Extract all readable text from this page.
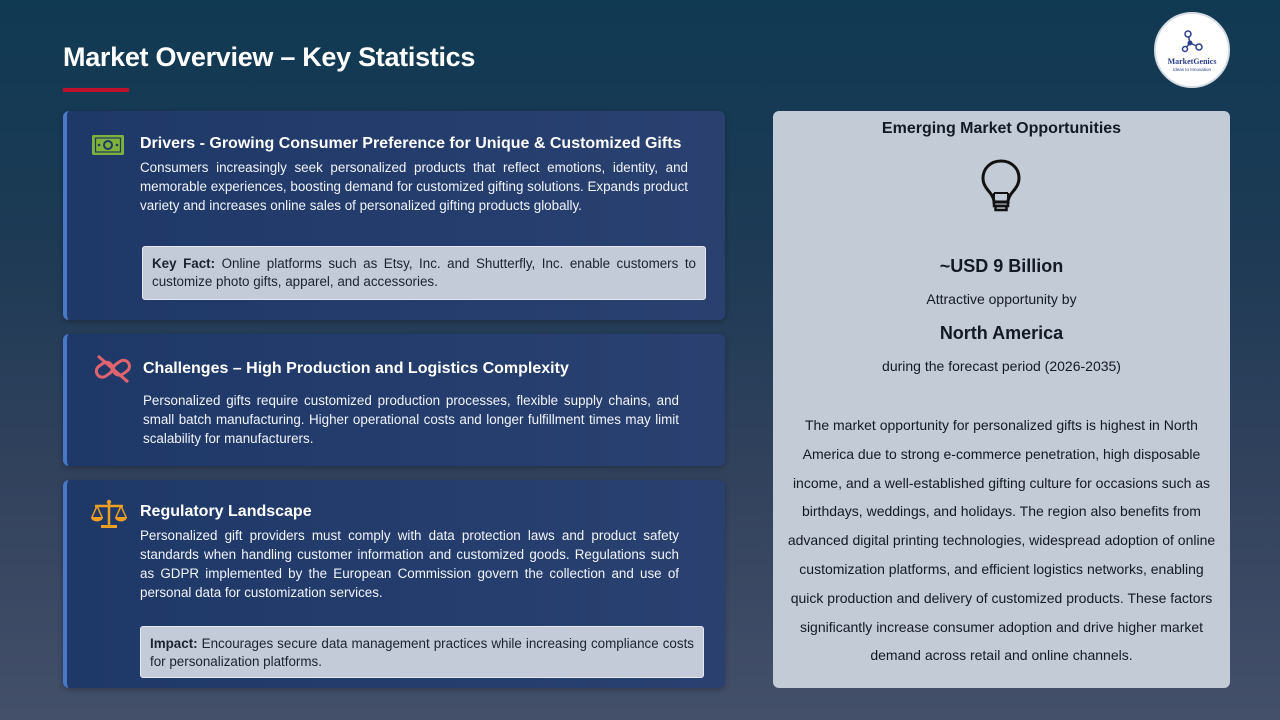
Market Overview – Key Statistics	MarketGenics
Ideas to Innovation
Drivers - Growing Consumer Preference for Unique & Customized Gifts
Consumers increasingly seek personalized products that reflect emotions, identity, and memorable experiences, boosting demand for customized gifting solutions. Expands product variety and increases online sales of personalized gifting products globally.
Key Fact: Online platforms such as Etsy, Inc. and Shutterfly, Inc. enable customers to customize photo gifts, apparel, and accessories.
Challenges – High Production and Logistics Complexity
Personalized gifts require customized production processes, flexible supply chains, and small batch manufacturing. Higher operational costs and longer fulfillment times may limit scalability for manufacturers.
Regulatory Landscape
Personalized gift providers must comply with data protection laws and product safety standards when handling customer information and customized goods. Regulations such as GDPR implemented by the European Commission govern the collection and use of personal data for customization services.
Impact: Encourages secure data management practices while increasing compliance costs for personalization platforms.
Emerging Market Opportunities
~USD 9 Billion
Attractive opportunity by
North America
during the forecast period (2026-2035)
The market opportunity for personalized gifts is highest in North America due to strong e-commerce penetration, high disposable income, and a well-established gifting culture for occasions such as birthdays, weddings, and holidays. The region also benefits from advanced digital printing technologies, widespread adoption of online customization platforms, and efficient logistics networks, enabling quick production and delivery of customized products. These factors significantly increase consumer adoption and drive higher market demand across retail and online channels.
